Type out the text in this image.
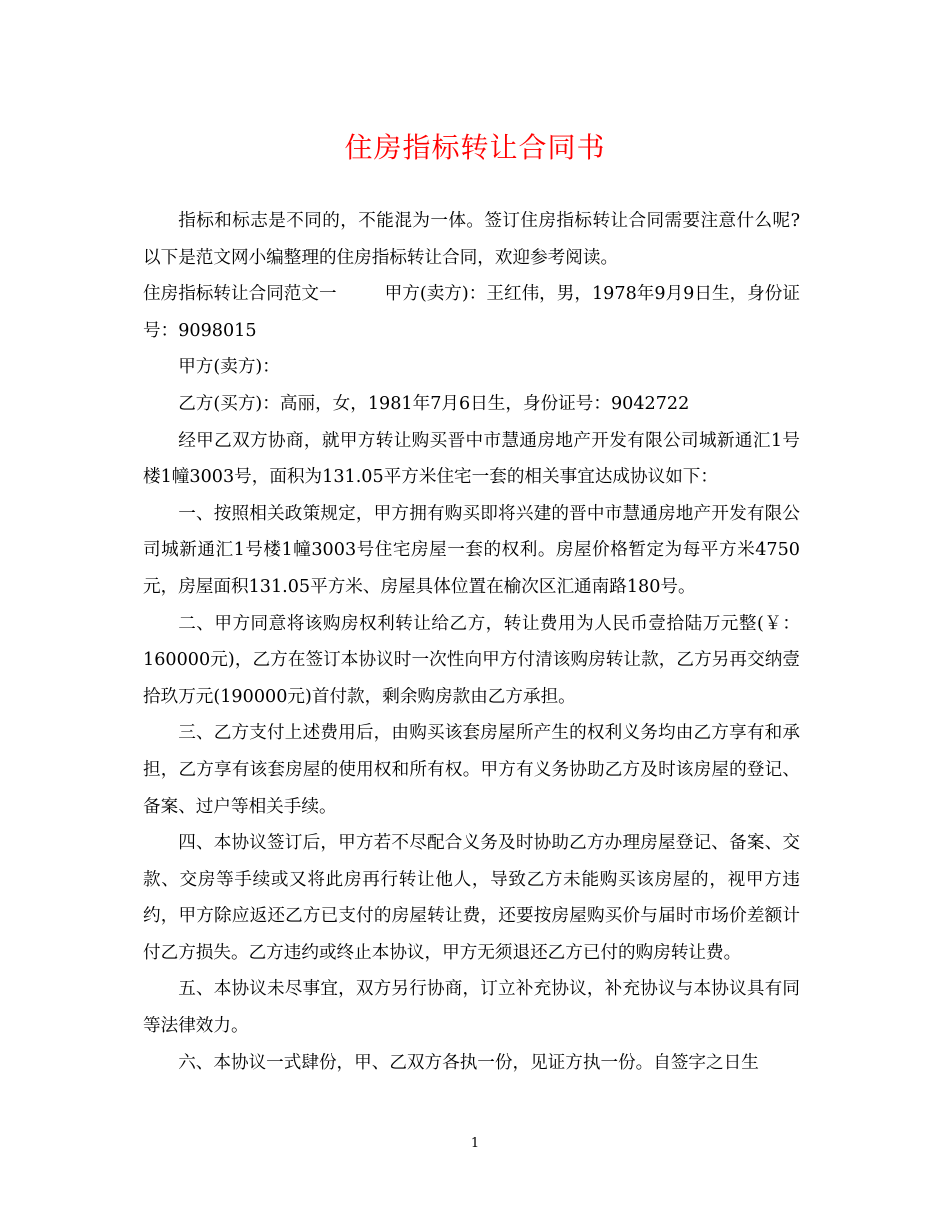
住房指标转让合同书

指标和标志是不同的，不能混为一体。签订住房指标转让合同需要注意什么呢?以下是范文网小编整理的住房指标转让合同，欢迎参考阅读。

住房指标转让合同范文一	甲方(卖方)：王红伟，男，1978年9月9日生，身份证号：9098015

甲方(卖方)：

乙方(买方)：高丽，女，1981年7月6日生，身份证号：9042722

经甲乙双方协商，就甲方转让购买晋中市慧通房地产开发有限公司城新通汇1号楼1幢3003号，面积为131.05平方米住宅一套的相关事宜达成协议如下：

一、按照相关政策规定，甲方拥有购买即将兴建的晋中市慧通房地产开发有限公司城新通汇1号楼1幢3003号住宅房屋一套的权利。房屋价格暂定为每平方米4750元，房屋面积131.05平方米、房屋具体位置在榆次区汇通南路180号。

二、甲方同意将该购房权利转让给乙方，转让费用为人民币壹拾陆万元整(￥：160000元)，乙方在签订本协议时一次性向甲方付清该购房转让款，乙方另再交纳壹拾玖万元(190000元)首付款，剩余购房款由乙方承担。

三、乙方支付上述费用后，由购买该套房屋所产生的权利义务均由乙方享有和承担，乙方享有该套房屋的使用权和所有权。甲方有义务协助乙方及时该房屋的登记、备案、过户等相关手续。

四、本协议签订后，甲方若不尽配合义务及时协助乙方办理房屋登记、备案、交款、交房等手续或又将此房再行转让他人，导致乙方未能购买该房屋的，视甲方违约，甲方除应返还乙方已支付的房屋转让费，还要按房屋购买价与届时市场价差额计付乙方损失。乙方违约或终止本协议，甲方无须退还乙方已付的购房转让费。

五、本协议未尽事宜，双方另行协商，订立补充协议，补充协议与本协议具有同等法律效力。

六、本协议一式肆份，甲、乙双方各执一份，见证方执一份。自签字之日生

1
